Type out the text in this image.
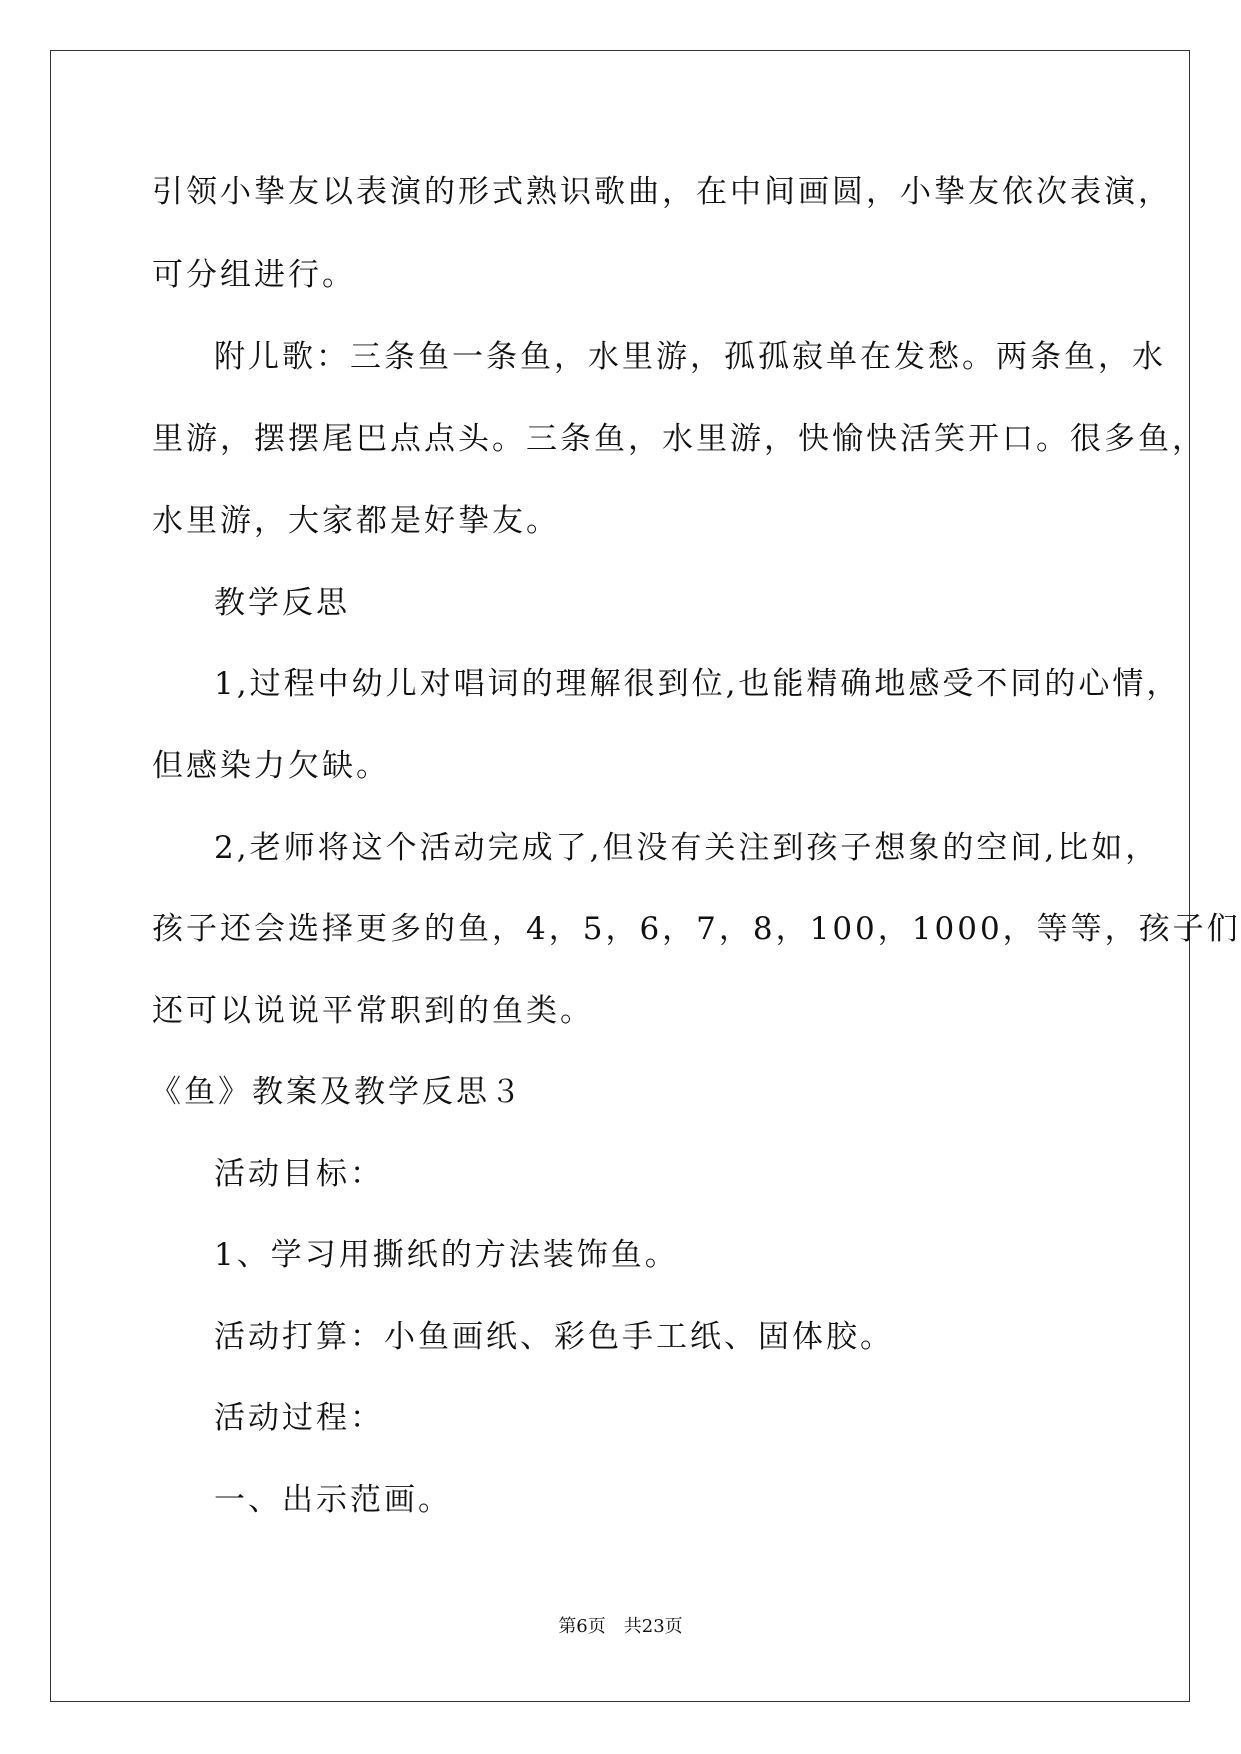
引领小挚友以表演的形式熟识歌曲，在中间画圆，小挚友依次表演，
可分组进行。
附儿歌：三条鱼一条鱼，水里游，孤孤寂单在发愁。两条鱼，水
里游，摆摆尾巴点点头。三条鱼，水里游，快愉快活笑开口。很多鱼，
水里游，大家都是好挚友。
教学反思
1,过程中幼儿对唱词的理解很到位,也能精确地感受不同的心情，
但感染力欠缺。
2,老师将这个活动完成了,但没有关注到孩子想象的空间,比如，
孩子还会选择更多的鱼，4，5，6，7，8，100，1000，等等，孩子们
还可以说说平常职到的鱼类。
《鱼》教案及教学反思３
活动目标：
1、学习用撕纸的方法装饰鱼。
活动打算：小鱼画纸、彩色手工纸、固体胶。
活动过程：
一、出示范画。
第6页 共23页
